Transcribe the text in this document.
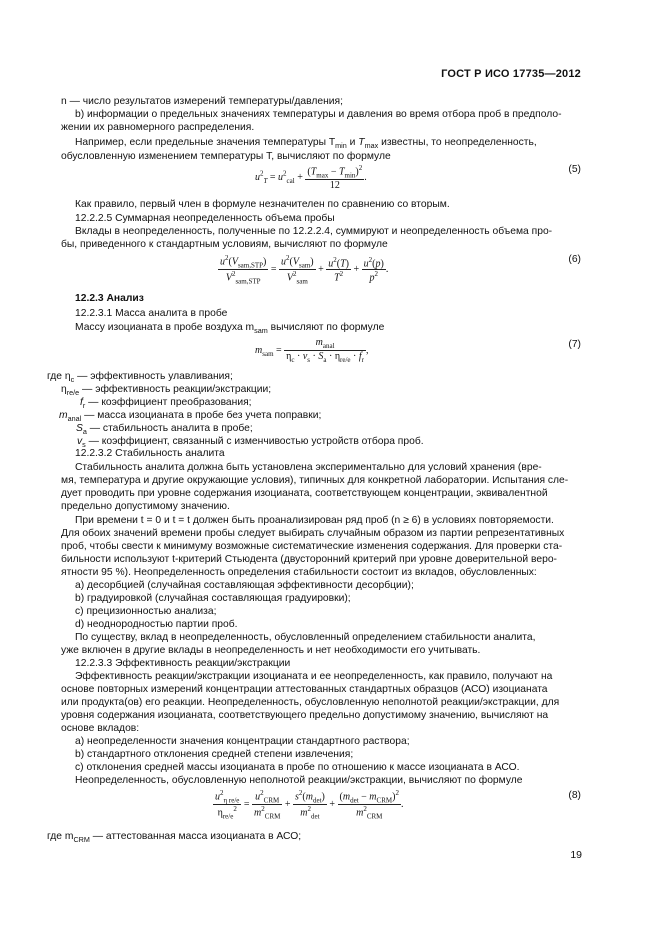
ГОСТ Р ИСО 17735—2012
n — число результатов измерений температуры/давления;
b) информации о предельных значениях температуры и давления во время отбора проб в предполо-
жении их равномерного распределения.
Например, если предельные значения температуры $T_{min}$ и $T_{max}$ известны, то неопределенность,
обусловленную изменением температуры T, вычисляют по формуле
$u^2_T = u^2_{cal} + \frac{(T_{max} - T_{min})^2}{12}$ .
(5)
Как правило, первый член в формуле незначителен по сравнению со вторым.
12.2.2.5 Суммарная неопределенность объема пробы
Вклады в неопределенность, полученные по 12.2.2.4, суммируют и неопределенность объема про-
бы, приведенного к стандартным условиям, вычисляют по формуле
$\frac{u^2(V_{sam,STP})}{V^2_{sam,STP}} = \frac{u^2(V_{sam})}{V^2_{sam}} + \frac{u^2(T)}{T^2} + \frac{u^2(p)}{p^2}$ .
(6)
12.2.3 Анализ
12.2.3.1 Масса аналита в пробе
Массу изоцианата в пробе воздуха $m_{sam}$ вычисляют по формуле
$m_{sam} = \frac{m_{anal}}{\eta_c \cdot v_s \cdot S_a \cdot \eta_{re/e} \cdot f_r}$ ,
(7)
где $\eta_c$ — эффективность улавливания;
$\eta_{re/e}$ — эффективность реакции/экстракции;
$f_r$ — коэффициент преобразования;
$m_{anal}$ — масса изоцианата в пробе без учета поправки;
$S_a$ — стабильность аналита в пробе;
$v_s$ — коэффициент, связанный с изменчивостью устройств отбора проб.
12.2.3.2 Стабильность аналита
Стабильность аналита должна быть установлена экспериментально для условий хранения (вре-
мя, температура и другие окружающие условия), типичных для конкретной лаборатории. Испытания сле-
дует проводить при уровне содержания изоцианата, соответствующем концентрации, эквивалентной
предельно допустимому значению.
При времени t = 0 и t = t должен быть проанализирован ряд проб (n ≥ 6) в условиях повторяемости.
Для обоих значений времени пробы следует выбирать случайным образом из партии репрезентативных
проб, чтобы свести к минимуму возможные систематические изменения содержания. Для проверки ста-
бильности используют t-критерий Стьюдента (двусторонний критерий при уровне доверительной веро-
ятности 95 %). Неопределенность определения стабильности состоит из вкладов, обусловленных:
a) десорбцией (случайная составляющая эффективности десорбции);
b) градуировкой (случайная составляющая градуировки);
c) прецизионностью анализа;
d) неоднородностью партии проб.
По существу, вклад в неопределенность, обусловленный определением стабильности аналита,
уже включен в другие вклады в неопределенность и нет необходимости его учитывать.
12.2.3.3 Эффективность реакции/экстракции
Эффективность реакции/экстракции изоцианата и ее неопределенность, как правило, получают на
основе повторных измерений концентрации аттестованных стандартных образцов (АСО) изоцианата
или продукта(ов) его реакции. Неопределенность, обусловленную неполнотой реакции/экстракции, для
уровня содержания изоцианата, соответствующего предельно допустимому значению, вычисляют на
основе вкладов:
a) неопределенности значения концентрации стандартного раствора;
b) стандартного отклонения средней степени извлечения;
c) отклонения средней массы изоцианата в пробе по отношению к массе изоцианата в АСО.
Неопределенность, обусловленную неполнотой реакции/экстракции, вычисляют по формуле
$\frac{u^2_{\eta re/e}}{\eta_{re/e}^2} = \frac{u^2_{CRM}}{m^2_{CRM}} + \frac{s^2(m_{det})}{m^2_{det}} + \frac{(m_{det} - m_{CRM})^2}{m^2_{CRM}}$ .
(8)
где $m_{CRM}$ — аттестованная масса изоцианата в АСО;
19
